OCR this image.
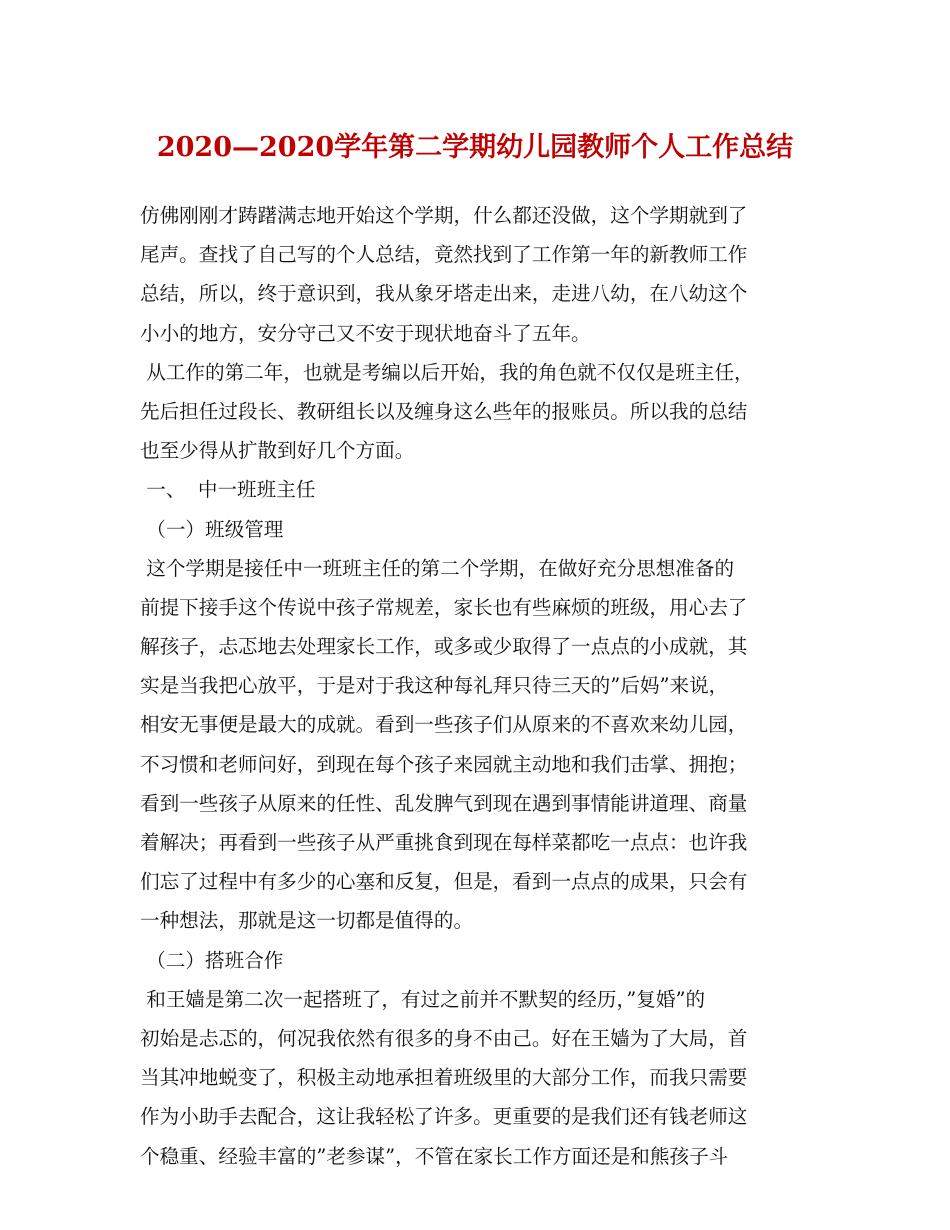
2020—2020学年第二学期幼儿园教师个人工作总结
仿佛刚刚才踌躇满志地开始这个学期，什么都还没做，这个学期就到了
尾声。查找了自己写的个人总结，竟然找到了工作第一年的新教师工作
总结，所以，终于意识到，我从象牙塔走出来，走进八幼，在八幼这个
小小的地方，安分守己又不安于现状地奋斗了五年。
从工作的第二年，也就是考编以后开始，我的角色就不仅仅是班主任，
先后担任过段长、教研组长以及缠身这么些年的报账员。所以我的总结
也至少得从扩散到好几个方面。
一、  中一班班主任
（一）班级管理
这个学期是接任中一班班主任的第二个学期，在做好充分思想准备的
前提下接手这个传说中孩子常规差，家长也有些麻烦的班级，用心去了
解孩子，忐忑地去处理家长工作，或多或少取得了一点点的小成就，其
实是当我把心放平，于是对于我这种每礼拜只待三天的”后妈”来说，
相安无事便是最大的成就。看到一些孩子们从原来的不喜欢来幼儿园，
不习惯和老师问好，到现在每个孩子来园就主动地和我们击掌、拥抱；
看到一些孩子从原来的任性、乱发脾气到现在遇到事情能讲道理、商量
着解决；再看到一些孩子从严重挑食到现在每样菜都吃一点点：也许我
们忘了过程中有多少的心塞和反复，但是，看到一点点的成果，只会有
一种想法，那就是这一切都是值得的。
（二）搭班合作
和王嫱是第二次一起搭班了，有过之前并不默契的经历，”复婚”的
初始是忐忑的，何况我依然有很多的身不由己。好在王嫱为了大局，首
当其冲地蜕变了，积极主动地承担着班级里的大部分工作，而我只需要
作为小助手去配合，这让我轻松了许多。更重要的是我们还有钱老师这
个稳重、经验丰富的”老参谋”，不管在家长工作方面还是和熊孩子斗
